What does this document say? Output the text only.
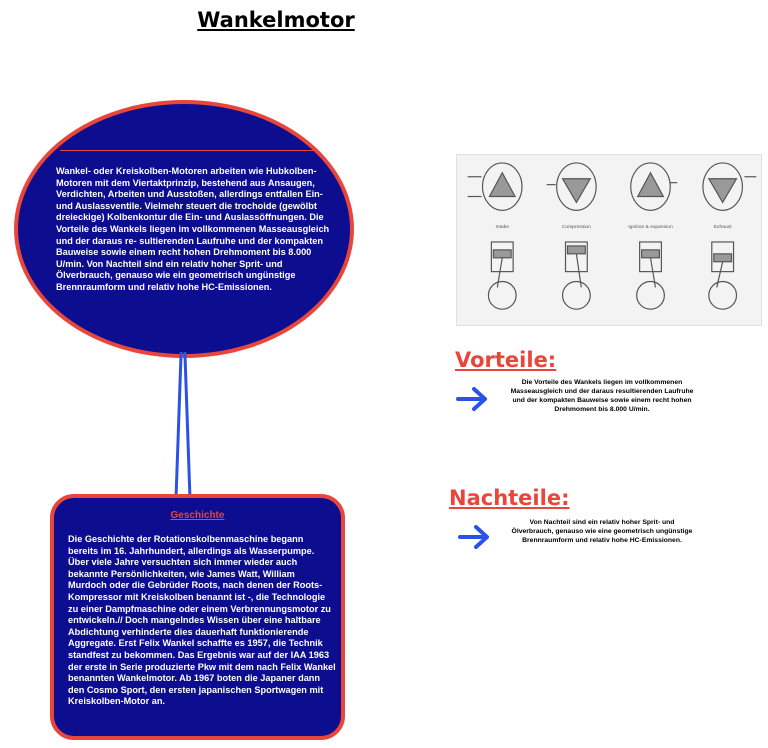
Wankelmotor
Wankel- oder Kreiskolben-Motoren arbeiten wie Hubkolben-Motoren mit dem Viertaktprinzip, bestehend aus Ansaugen, Verdichten, Arbeiten und Ausstoßen, allerdings entfallen Ein- und Auslassventile. Vielmehr steuert die trochoide (gewölbt dreieckige) Kolbenkontur die Ein- und Auslassöffnungen. Die Vorteile des Wankels liegen im vollkommenen Masseausgleich und der daraus re- sultierenden Laufruhe und der kompakten Bauweise sowie einem recht hohen Drehmoment bis 8.000 U/min. Von Nachteil sind ein relativ hoher Sprit- und Ölverbrauch, genauso wie ein geometrisch ungünstige Brennraumform und relativ hohe HC-Emissionen.
Geschichte
Die Geschichte der Rotationskolbenmaschine begann bereits im 16. Jahrhundert, allerdings als Wasserpumpe. Über viele Jahre versuchten sich immer wieder auch bekannte Persönlichkeiten, wie James Watt, William Murdoch oder die Gebrüder Roots, nach denen der Roots- Kompressor mit Kreiskolben benannt ist -, die Technologie zu einer Dampfmaschine oder einem Verbrennungsmotor zu entwickeln.// Doch mangelndes Wissen über eine haltbare Abdichtung verhinderte dies dauerhaft funktionierende Aggregate. Erst Felix Wankel schaffte es 1957, die Technik standfest zu bekommen. Das Ergebnis war auf der IAA 1963 der erste in Serie produzierte Pkw mit dem nach Felix Wankel benannten Wankelmotor. Ab 1967 boten die Japaner dann den Cosmo Sport, den ersten japanischen Sportwagen mit Kreiskolben-Motor an.
Intake	Compression	Ignition & expansion	Exhaust
Vorteile:
Die Vorteile des Wankels liegen im vollkommenen Masseausgleich und der daraus resultierenden Laufruhe und der kompakten Bauweise sowie einem recht hohen Drehmoment bis 8.000 U/min.
Nachteile:
Von Nachteil sind ein relativ hoher Sprit- und Ölverbrauch, genauso wie eine geometrisch ungünstige Brennraumform und relativ hohe HC-Emissionen.
